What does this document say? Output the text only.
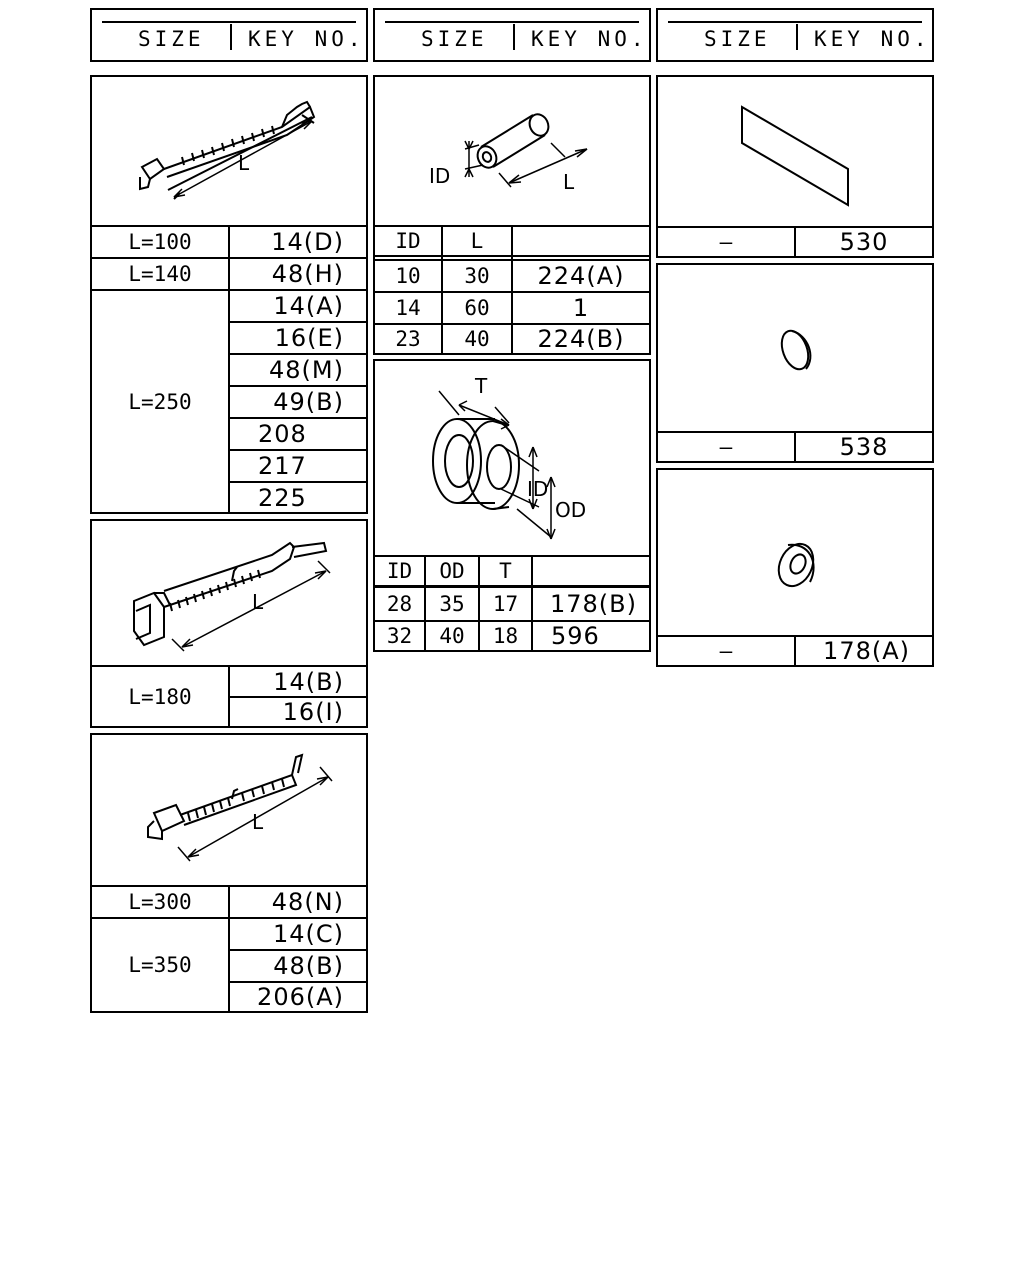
SIZE KEY NO.	SIZE KEY NO.	SIZE KEY NO.
L
L=100	14(D)
L=140	48(H)
L=250
14(A)
16(E)
48(M)
49(B)
208
217
225
L
L=180
14(B)
16(I)
L
L=300	48(N)
L=350
14(C)
48(B)
206(A)
ID	L
ID	L
10	30	224(A)
14	60	1
23	40	224(B)
T
ID
OD
ID	OD	T
28	35	17	178(B)
32	40	18	596
—	530
—	538
—	178(A)
